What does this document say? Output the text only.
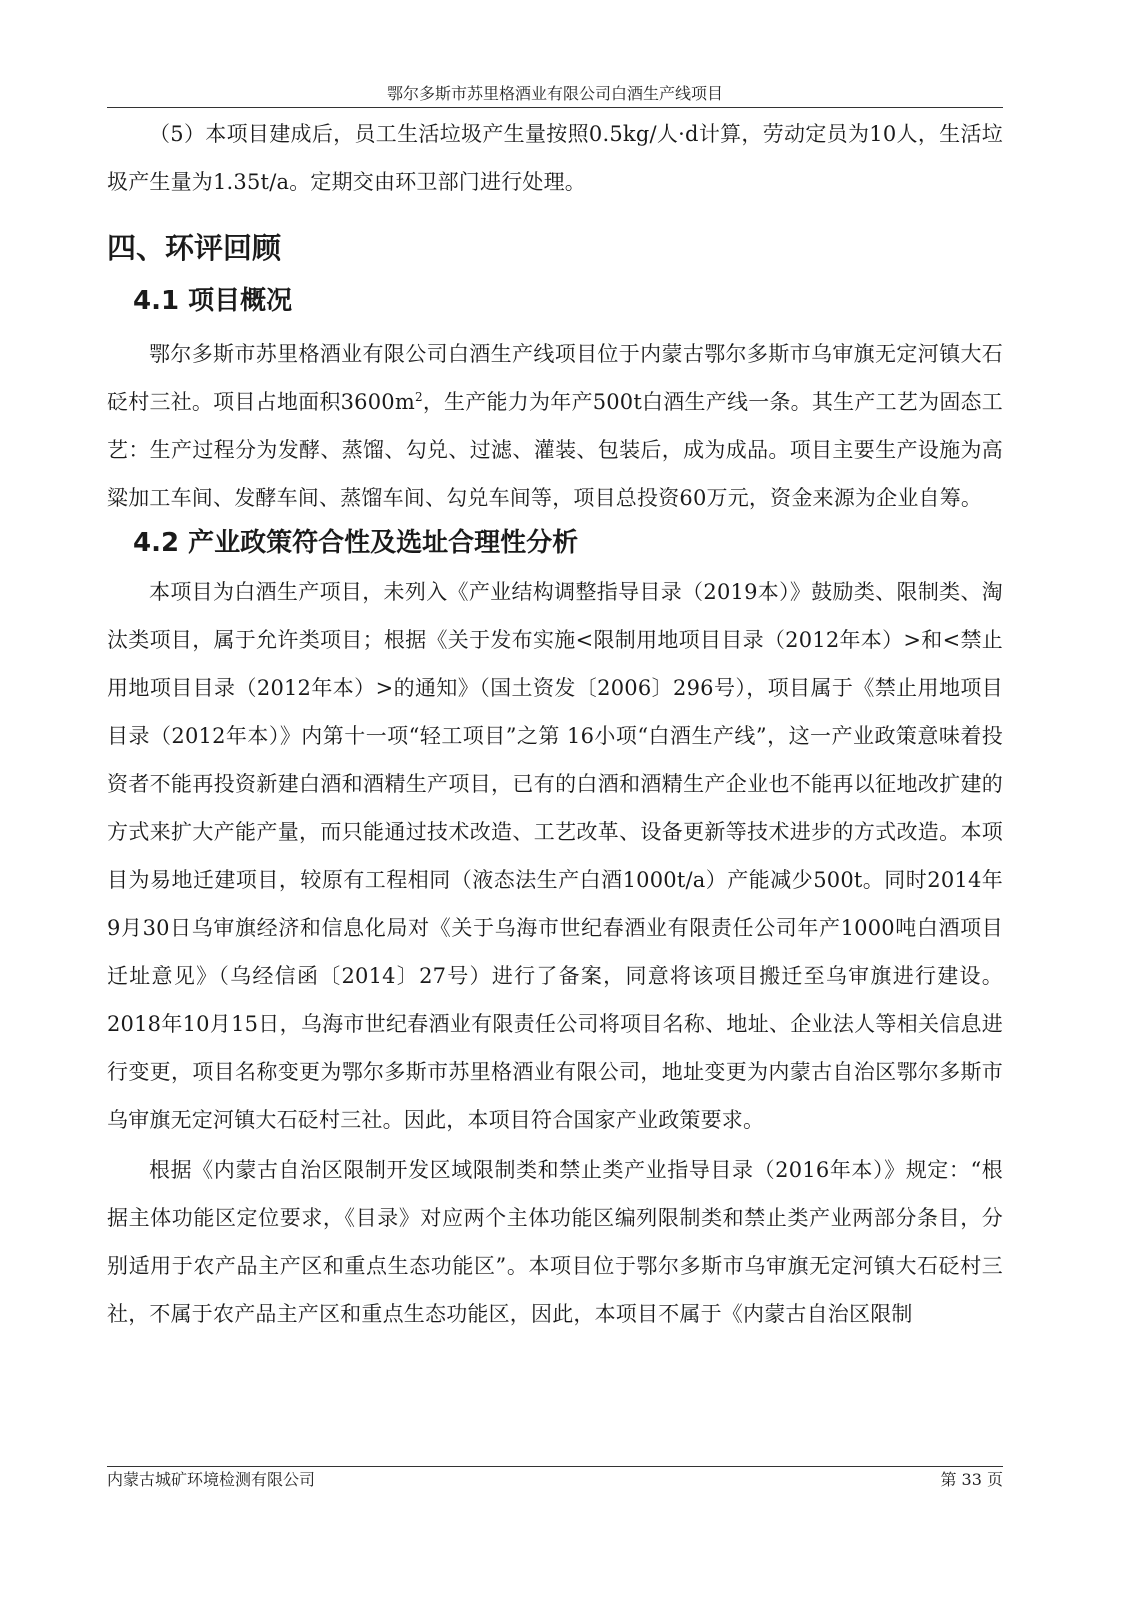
鄂尔多斯市苏里格酒业有限公司白酒生产线项目

（5）本项目建成后，员工生活垃圾产生量按照0.5kg/人·d计算，劳动定员为10人，生活垃圾产生量为1.35t/a。定期交由环卫部门进行处理。

四、环评回顾
4.1 项目概况

鄂尔多斯市苏里格酒业有限公司白酒生产线项目位于内蒙古鄂尔多斯市乌审旗无定河镇大石砭村三社。项目占地面积$3600m^2$，生产能力为年产500t白酒生产线一条。其生产工艺为固态工艺：生产过程分为发酵、蒸馏、勾兑、过滤、灌装、包装后，成为成品。项目主要生产设施为高粱加工车间、发酵车间、蒸馏车间、勾兑车间等，项目总投资60万元，资金来源为企业自筹。

4.2 产业政策符合性及选址合理性分析

本项目为白酒生产项目，未列入《产业结构调整指导目录（2019本）》鼓励类、限制类、淘汰类项目，属于允许类项目；根据《关于发布实施<限制用地项目目录（2012年本）>和<禁止用地项目目录（2012年本）>的通知》（国土资发〔2006〕296号），项目属于《禁止用地项目目录（2012年本）》内第十一项“轻工项目”之第 16小项“白酒生产线”，这一产业政策意味着投资者不能再投资新建白酒和酒精生产项目，已有的白酒和酒精生产企业也不能再以征地改扩建的方式来扩大产能产量，而只能通过技术改造、工艺改革、设备更新等技术进步的方式改造。本项目为易地迁建项目，较原有工程相同（液态法生产白酒1000t/a）产能减少500t。同时2014年9月30日乌审旗经济和信息化局对《关于乌海市世纪春酒业有限责任公司年产1000吨白酒项目迁址意见》（乌经信函〔2014〕27号）进行了备案，同意将该项目搬迁至乌审旗进行建设。2018年10月15日，乌海市世纪春酒业有限责任公司将项目名称、地址、企业法人等相关信息进行变更，项目名称变更为鄂尔多斯市苏里格酒业有限公司，地址变更为内蒙古自治区鄂尔多斯市乌审旗无定河镇大石砭村三社。因此，本项目符合国家产业政策要求。

根据《内蒙古自治区限制开发区域限制类和禁止类产业指导目录（2016年本）》规定：“根据主体功能区定位要求，《目录》对应两个主体功能区编列限制类和禁止类产业两部分条目，分别适用于农产品主产区和重点生态功能区”。本项目位于鄂尔多斯市乌审旗无定河镇大石砭村三社，不属于农产品主产区和重点生态功能区，因此，本项目不属于《内蒙古自治区限制

内蒙古城矿环境检测有限公司	第 33 页
